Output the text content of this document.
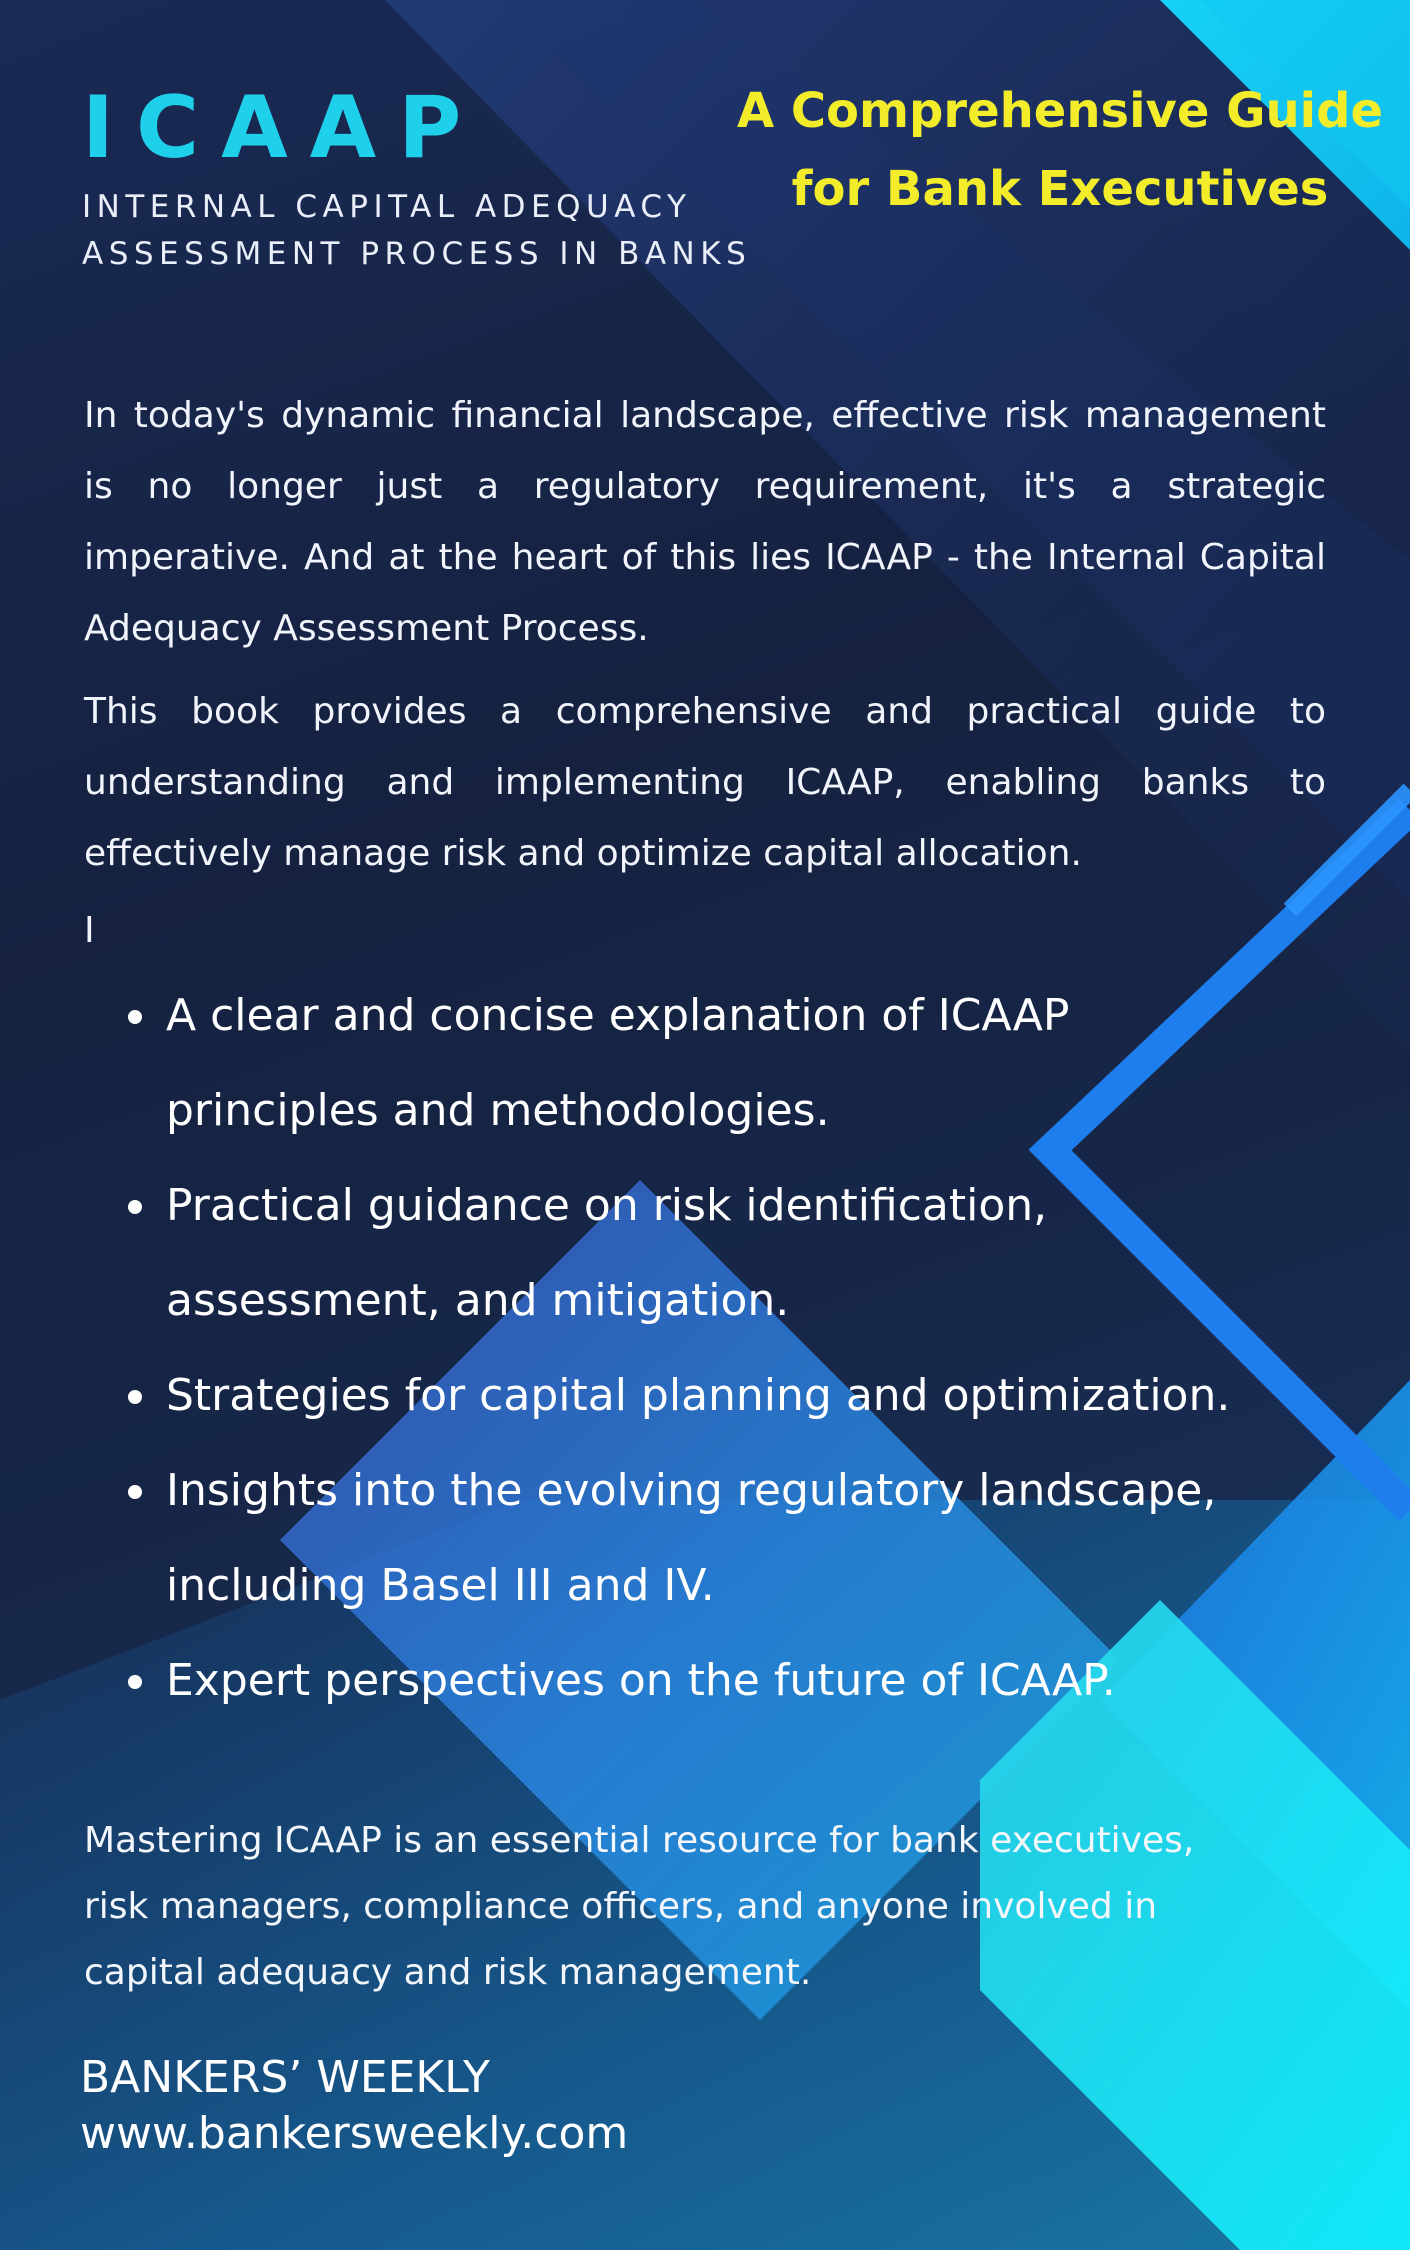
ICAAP
INTERNAL CAPITAL ADEQUACY
ASSESSMENT PROCESS IN BANKS
A Comprehensive Guide
for Bank Executives

In today's dynamic financial landscape, effective risk management is no longer just a regulatory requirement, it's a strategic imperative. And at the heart of this lies ICAAP - the Internal Capital Adequacy Assessment Process.

This book provides a comprehensive and practical guide to understanding and implementing ICAAP, enabling banks to effectively manage risk and optimize capital allocation.

I

A clear and concise explanation of ICAAP
principles and methodologies.
Practical guidance on risk identification,
assessment, and mitigation.
Strategies for capital planning and optimization.
Insights into the evolving regulatory landscape,
including Basel III and IV.
Expert perspectives on the future of ICAAP.
Mastering ICAAP is an essential resource for bank executives,
risk managers, compliance officers, and anyone involved in
capital adequacy and risk management.
BANKERS’ WEEKLY
www.bankersweekly.com
